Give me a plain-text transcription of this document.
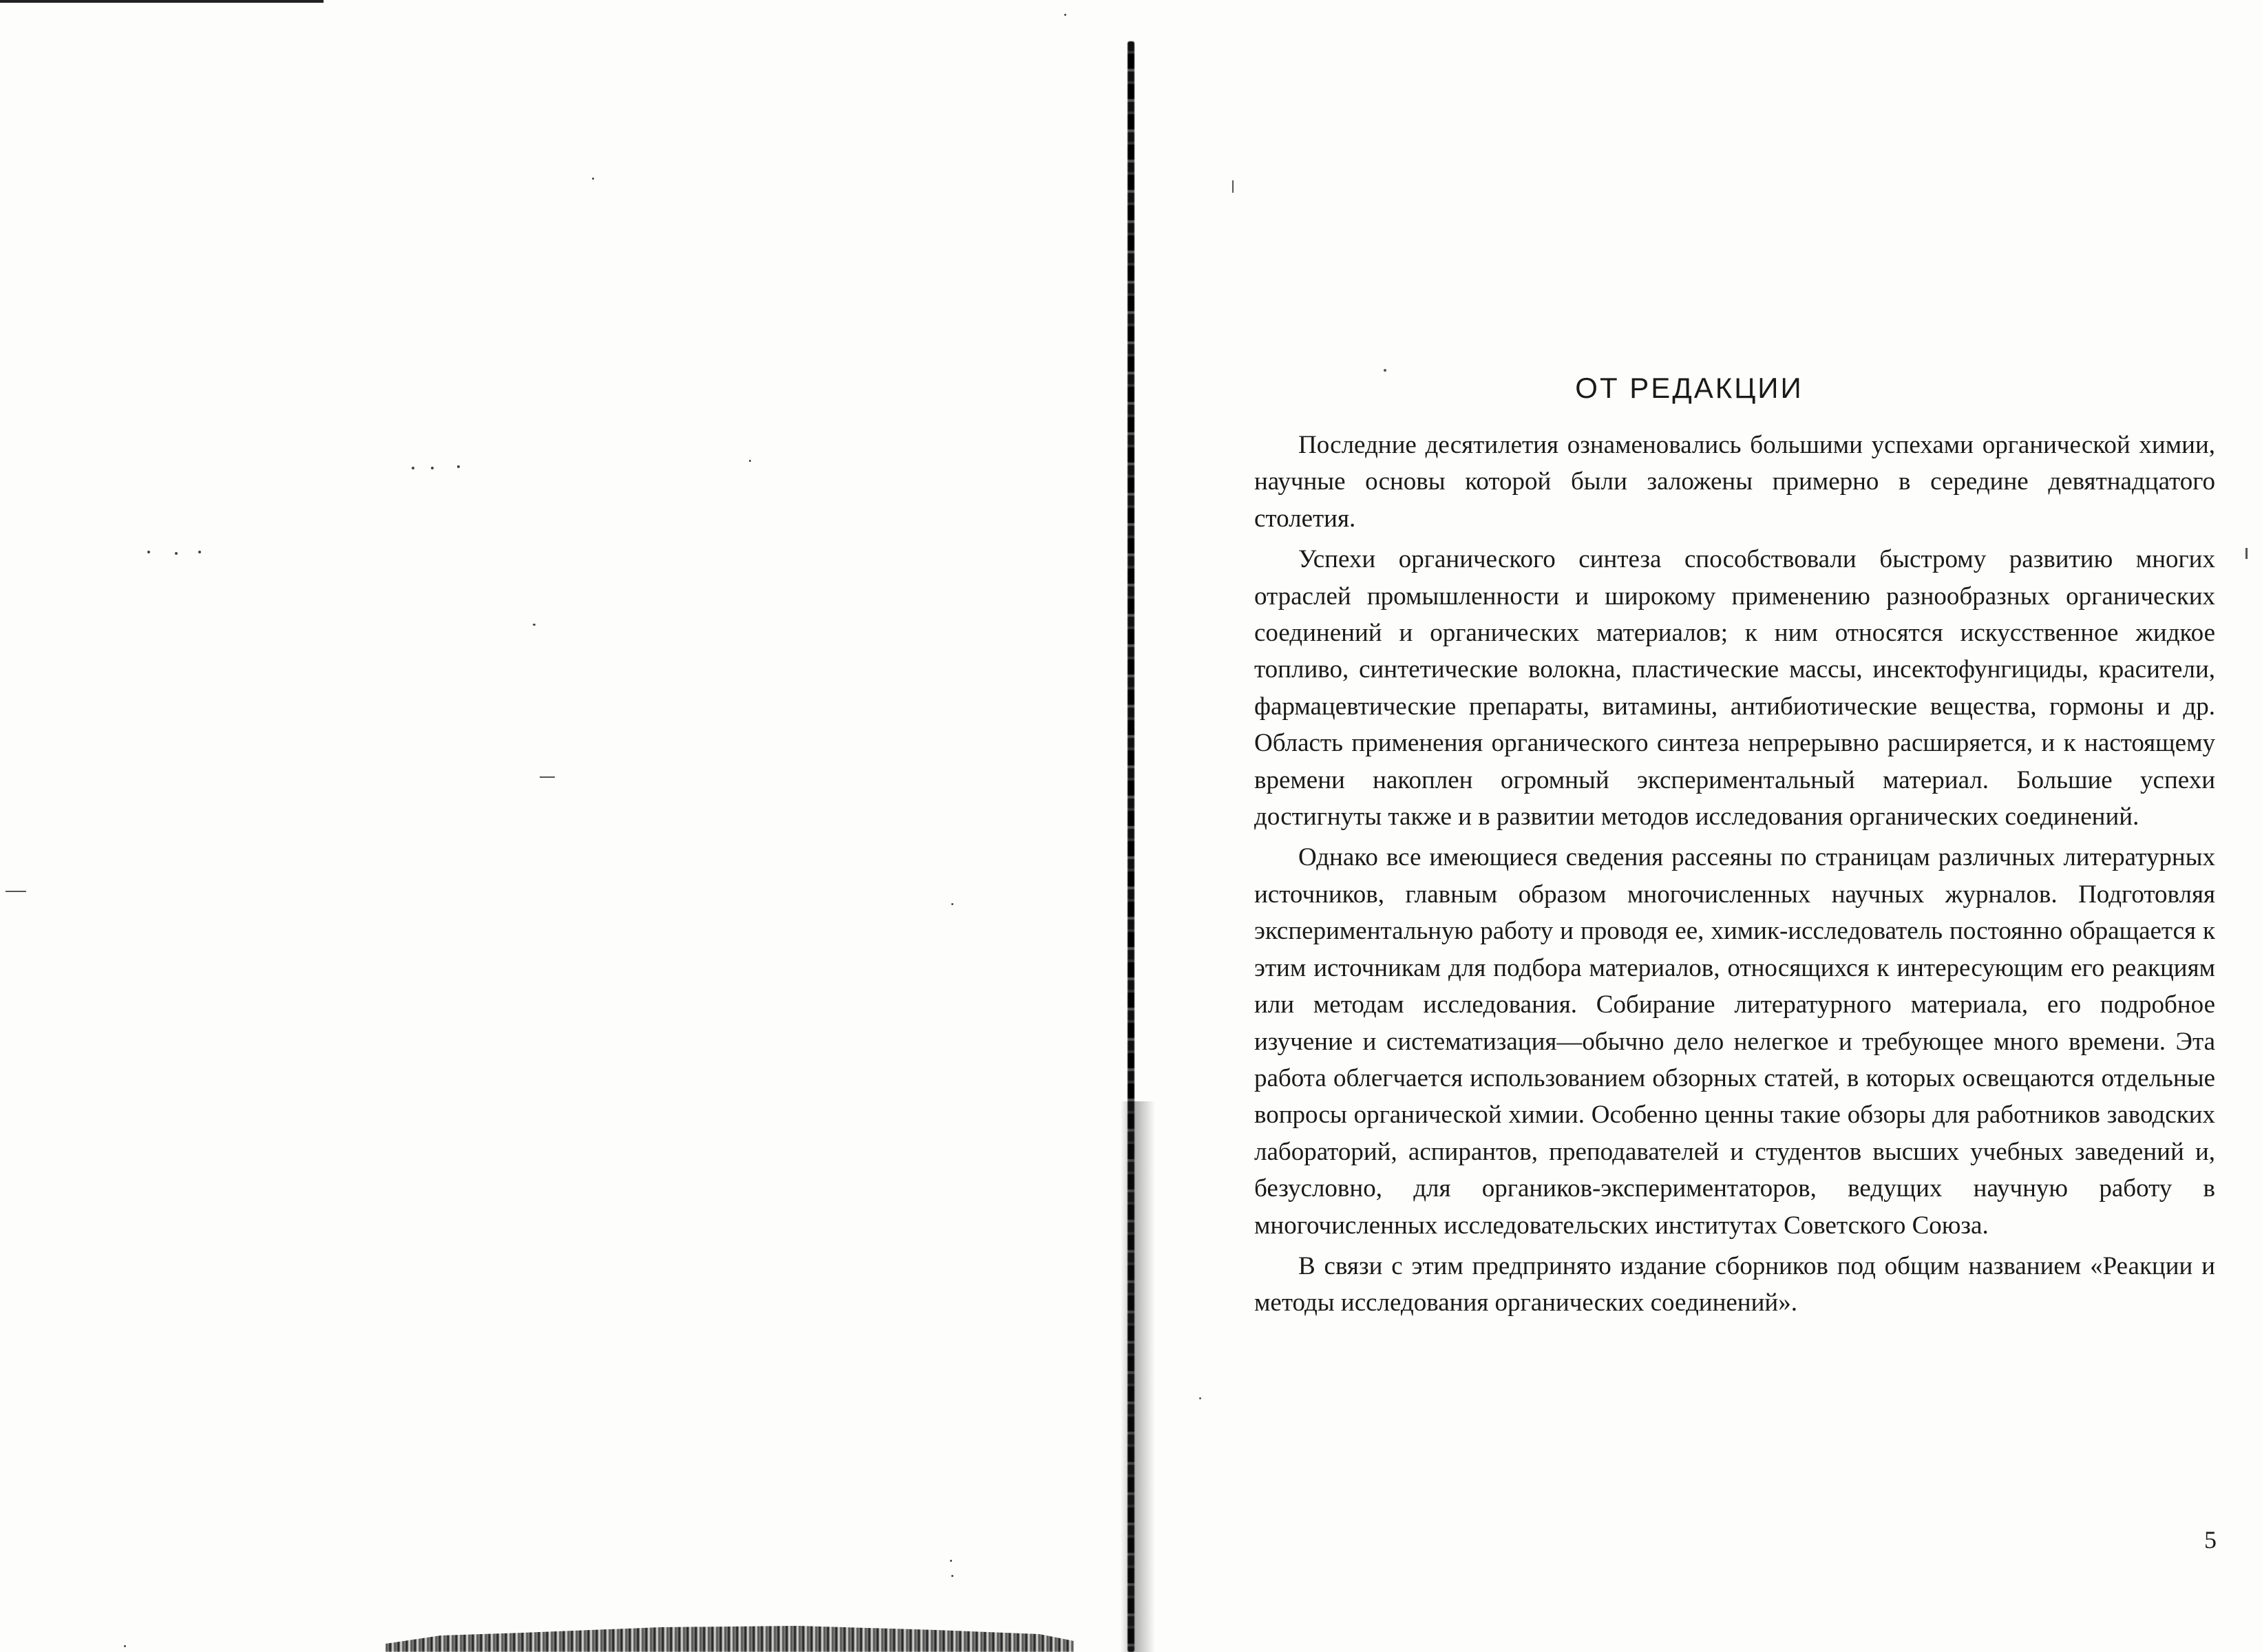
ОТ РЕДАКЦИИ

Последние десятилетия ознаменовались большими успехами органической химии, научные основы которой были заложены примерно в середине девятнадцатого столетия.

Успехи органического синтеза способствовали быстрому развитию многих отраслей промышленности и широкому применению разнообразных органических соединений и органических материалов; к ним относятся искусственное жидкое топливо, синтетические волокна, пластические массы, инсектофунгициды, красители, фармацевтические препараты, витамины, антибиотические вещества, гормоны и др. Область применения органического синтеза непрерывно расширяется, и к настоящему времени накоплен огромный экспериментальный материал. Большие успехи достигнуты также и в развитии методов исследования органических соединений.

Однако все имеющиеся сведения рассеяны по страницам различных литературных источников, главным образом многочисленных научных журналов. Подготовляя экспериментальную работу и проводя ее, химик-исследователь постоянно обращается к этим источникам для подбора материалов, относящихся к интересующим его реакциям или методам исследования. Собирание литературного материала, его подробное изучение и систематизация—обычно дело нелегкое и требующее много времени. Эта работа облегчается использованием обзорных статей, в которых освещаются отдельные вопросы органической химии. Особенно ценны такие обзоры для работников заводских лабораторий, аспирантов, преподавателей и студентов высших учебных заведений и, безусловно, для органиков-экспериментаторов, ведущих научную работу в многочисленных исследовательских институтах Советского Союза.

В связи с этим предпринято издание сборников под общим названием «Реакции и методы исследования органических соединений».

5
